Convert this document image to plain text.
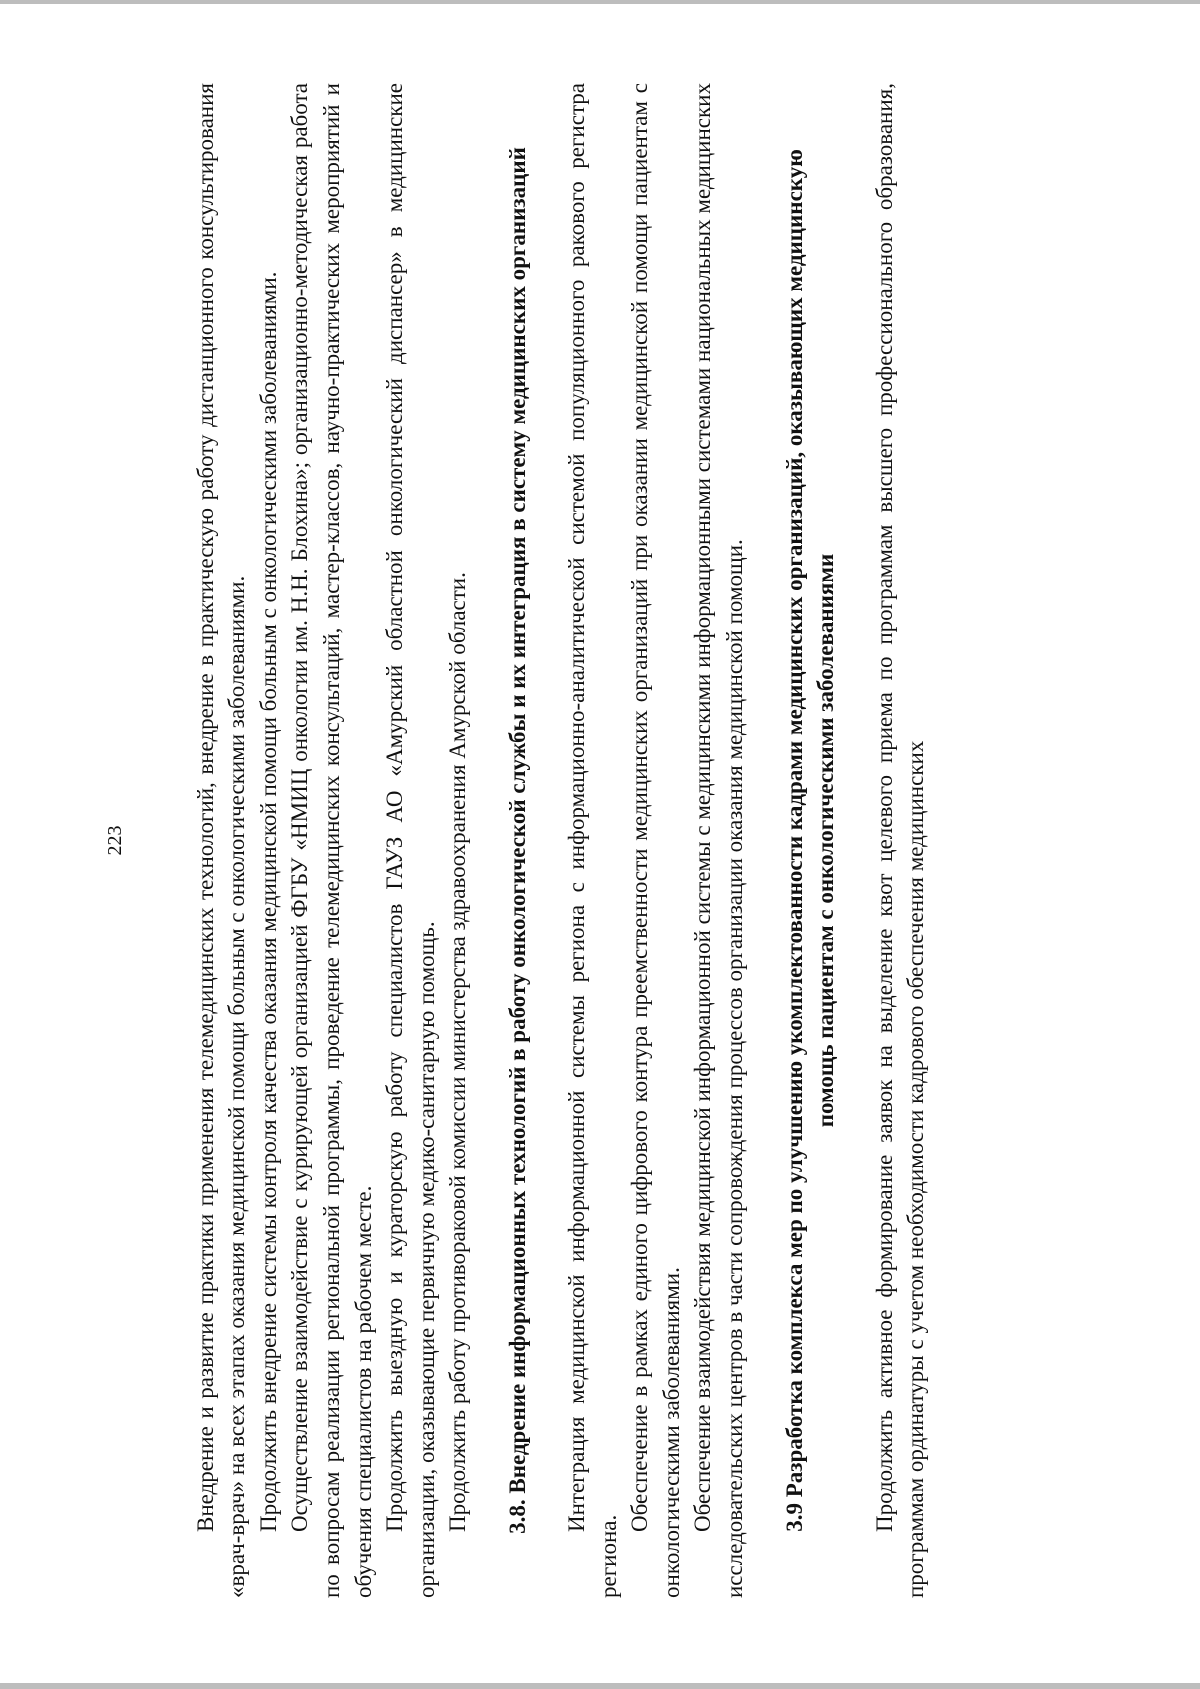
223	Внедрение и развитие практики применения телемедицинских технологий, внедрение в практическую работу дистанционного консультирования «врач-врач» на всех этапах оказания медицинской помощи больным с онкологическими заболеваниями. Продолжить внедрение системы контроля качества оказания медицинской помощи больным с онкологическими заболеваниями. Осуществление взаимодействие с курирующей организацией ФГБУ «НМИЦ онкологии им. Н.Н. Блохина»; организационно-методическая работа по вопросам реализации региональной программы, проведение телемедицинских консультаций, мастер-классов, научно-практических мероприятий и обучения специалистов на рабочем месте. Продолжить выездную и кураторскую работу специалистов ГАУЗ АО «Амурский областной онкологический диспансер» в медицинские организации, оказывающие первичную медико-санитарную помощь. Продолжить работу противораковой комиссии министерства здравоохранения Амурской области. 3.8. Внедрение информационных технологий в работу онкологической службы и их интеграция в систему медицинских организаций Интеграция медицинской информационной системы региона с информационно-аналитической системой популяционного ракового регистра региона.

Обеспечение в рамках единого цифрового контура преемственности медицинских организаций при оказании медицинской помощи пациентам с онкологическими заболеваниями. Обеспечение взаимодействия медицинской информационной системы с медицинскими информационными системами национальных медицинских исследовательских центров в части сопровождения процессов организации оказания медицинской помощи. 3.9 Разработка комплекса мер по улучшению укомплектованности кадрами медицинских организаций, оказывающих медицинскую помощь пациентам с онкологическими заболеваниями Продолжить активное формирование заявок на выделение квот целевого приема по программам высшего профессионального образования, программам ординатуры с учетом необходимости кадрового обеспечения медицинских
